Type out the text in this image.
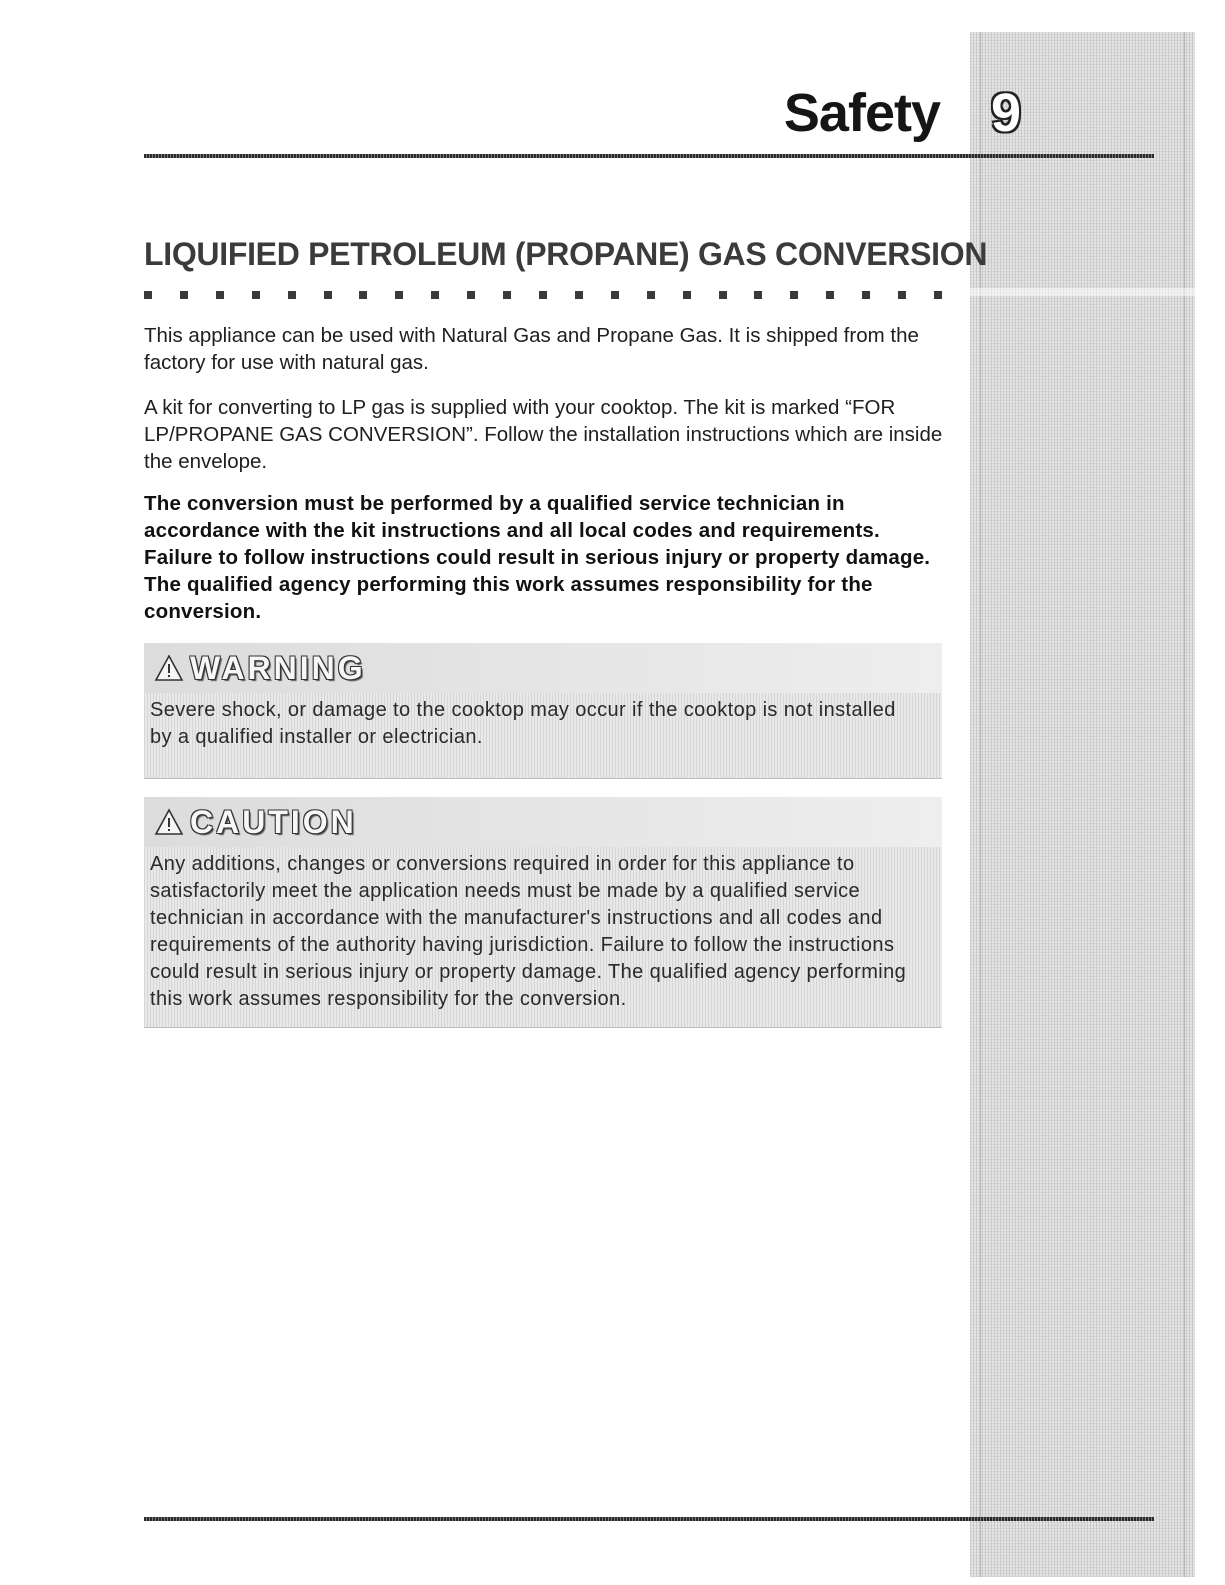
Safety 9
LIQUIFIED PETROLEUM (PROPANE) GAS CONVERSION

This appliance can be used with Natural Gas and Propane Gas. It is shipped from the factory for use with natural gas.

A kit for converting to LP gas is supplied with your cooktop. The kit is marked “FOR LP/PROPANE GAS CONVERSION”. Follow the installation instructions which are inside the envelope.

The conversion must be performed by a qualified service technician in accordance with the kit instructions and all local codes and requirements. Failure to follow instructions could result in serious injury or property damage. The qualified agency performing this work assumes responsibility for the conversion.

WARNING

Severe shock, or damage to the cooktop may occur if the cooktop is not installed by a qualified installer or electrician.

CAUTION

Any additions, changes or conversions required in order for this appliance to satisfactorily meet the application needs must be made by a qualified service technician in accordance with the manufacturer's instructions and all codes and requirements of the authority having jurisdiction. Failure to follow the instructions could result in serious injury or property damage. The qualified agency performing this work assumes responsibility for the conversion.
